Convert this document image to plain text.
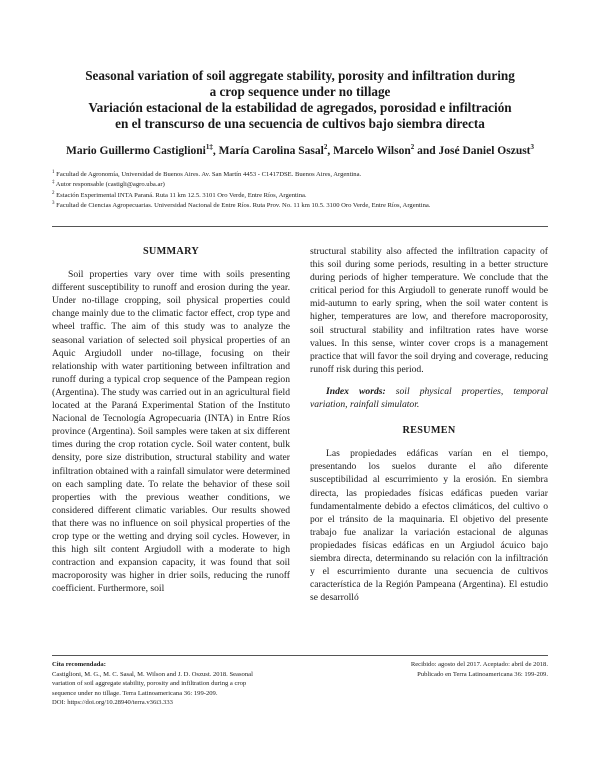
Seasonal variation of soil aggregate stability, porosity and infiltration during
a crop sequence under no tillage
Variación estacional de la estabilidad de agregados, porosidad e infiltración
en el transcurso de una secuencia de cultivos bajo siembra directa
Mario Guillermo Castiglioni$^{1\ddagger}$, María Carolina Sasal$^2$, Marcelo Wilson$^2$ and José Daniel Oszust$^3$
$^1$ Facultad de Agronomía, Universidad de Buenos Aires. Av. San Martín 4453 - C1417DSE. Buenos Aires, Argentina.
‡ Autor responsable (castigli@agro.uba.ar)
$^2$ Estación Experimental INTA Paraná. Ruta 11 km 12.5. 3101 Oro Verde, Entre Ríos, Argentina.
$^3$ Facultad de Ciencias Agropecuarias. Universidad Nacional de Entre Ríos. Ruta Prov. No. 11 km 10.5. 3100 Oro Verde, Entre Ríos, Argentina.
SUMMARY

Soil properties vary over time with soils presenting different susceptibility to runoff and erosion during the year. Under no-tillage cropping, soil physical properties could change mainly due to the climatic factor effect, crop type and wheel traffic. The aim of this study was to analyze the seasonal variation of selected soil physical properties of an Aquic Argiudoll under no-tillage, focusing on their relationship with water partitioning between infiltration and runoff during a typical crop sequence of the Pampean region (Argentina). The study was carried out in an agricultural field located at the Paraná Experimental Station of the Instituto Nacional de Tecnología Agropecuaria (INTA) in Entre Ríos province (Argentina). Soil samples were taken at six different times during the crop rotation cycle. Soil water content, bulk density, pore size distribution, structural stability and water infiltration obtained with a rainfall simulator were determined on each sampling date. To relate the behavior of these soil properties with the previous weather conditions, we considered different climatic variables. Our results showed that there was no influence on soil physical properties of the crop type or the wetting and drying soil cycles. However, in this high silt content Argiudoll with a moderate to high contraction and expansion capacity, it was found that soil macroporosity was higher in drier soils, reducing the runoff coefficient. Furthermore, soil

structural stability also affected the infiltration capacity of this soil during some periods, resulting in a better structure during periods of higher temperature. We conclude that the critical period for this Argiudoll to generate runoff would be mid-autumn to early spring, when the soil water content is higher, temperatures are low, and therefore macroporosity, soil structural stability and infiltration rates have worse values. In this sense, winter cover crops is a management practice that will favor the soil drying and coverage, reducing runoff risk during this period.

Index words: soil physical properties, temporal variation, rainfall simulator.
RESUMEN

Las propiedades edáficas varían en el tiempo, presentando los suelos durante el año diferente susceptibilidad al escurrimiento y la erosión. En siembra directa, las propiedades físicas edáficas pueden variar fundamentalmente debido a efectos climáticos, del cultivo o por el tránsito de la maquinaria. El objetivo del presente trabajo fue analizar la variación estacional de algunas propiedades físicas edáficas en un Argiudol ácuico bajo siembra directa, determinando su relación con la infiltración y el escurrimiento durante una secuencia de cultivos característica de la Región Pampeana (Argentina). El estudio se desarrolló

Cita recomendada:
Castiglioni, M. G., M. C. Sasal, M. Wilson and J. D. Oszust. 2018. Seasonal
variation of soil aggregate stability, porosity and infiltration during a crop
sequence under no tillage. Terra Latinoamericana 36: 199-209.
DOI: https://doi.org/10.28940/terra.v36i3.333
Recibido: agosto del 2017. Aceptado: abril de 2018.
Publicado en Terra Latinoamericana 36: 199-209.
